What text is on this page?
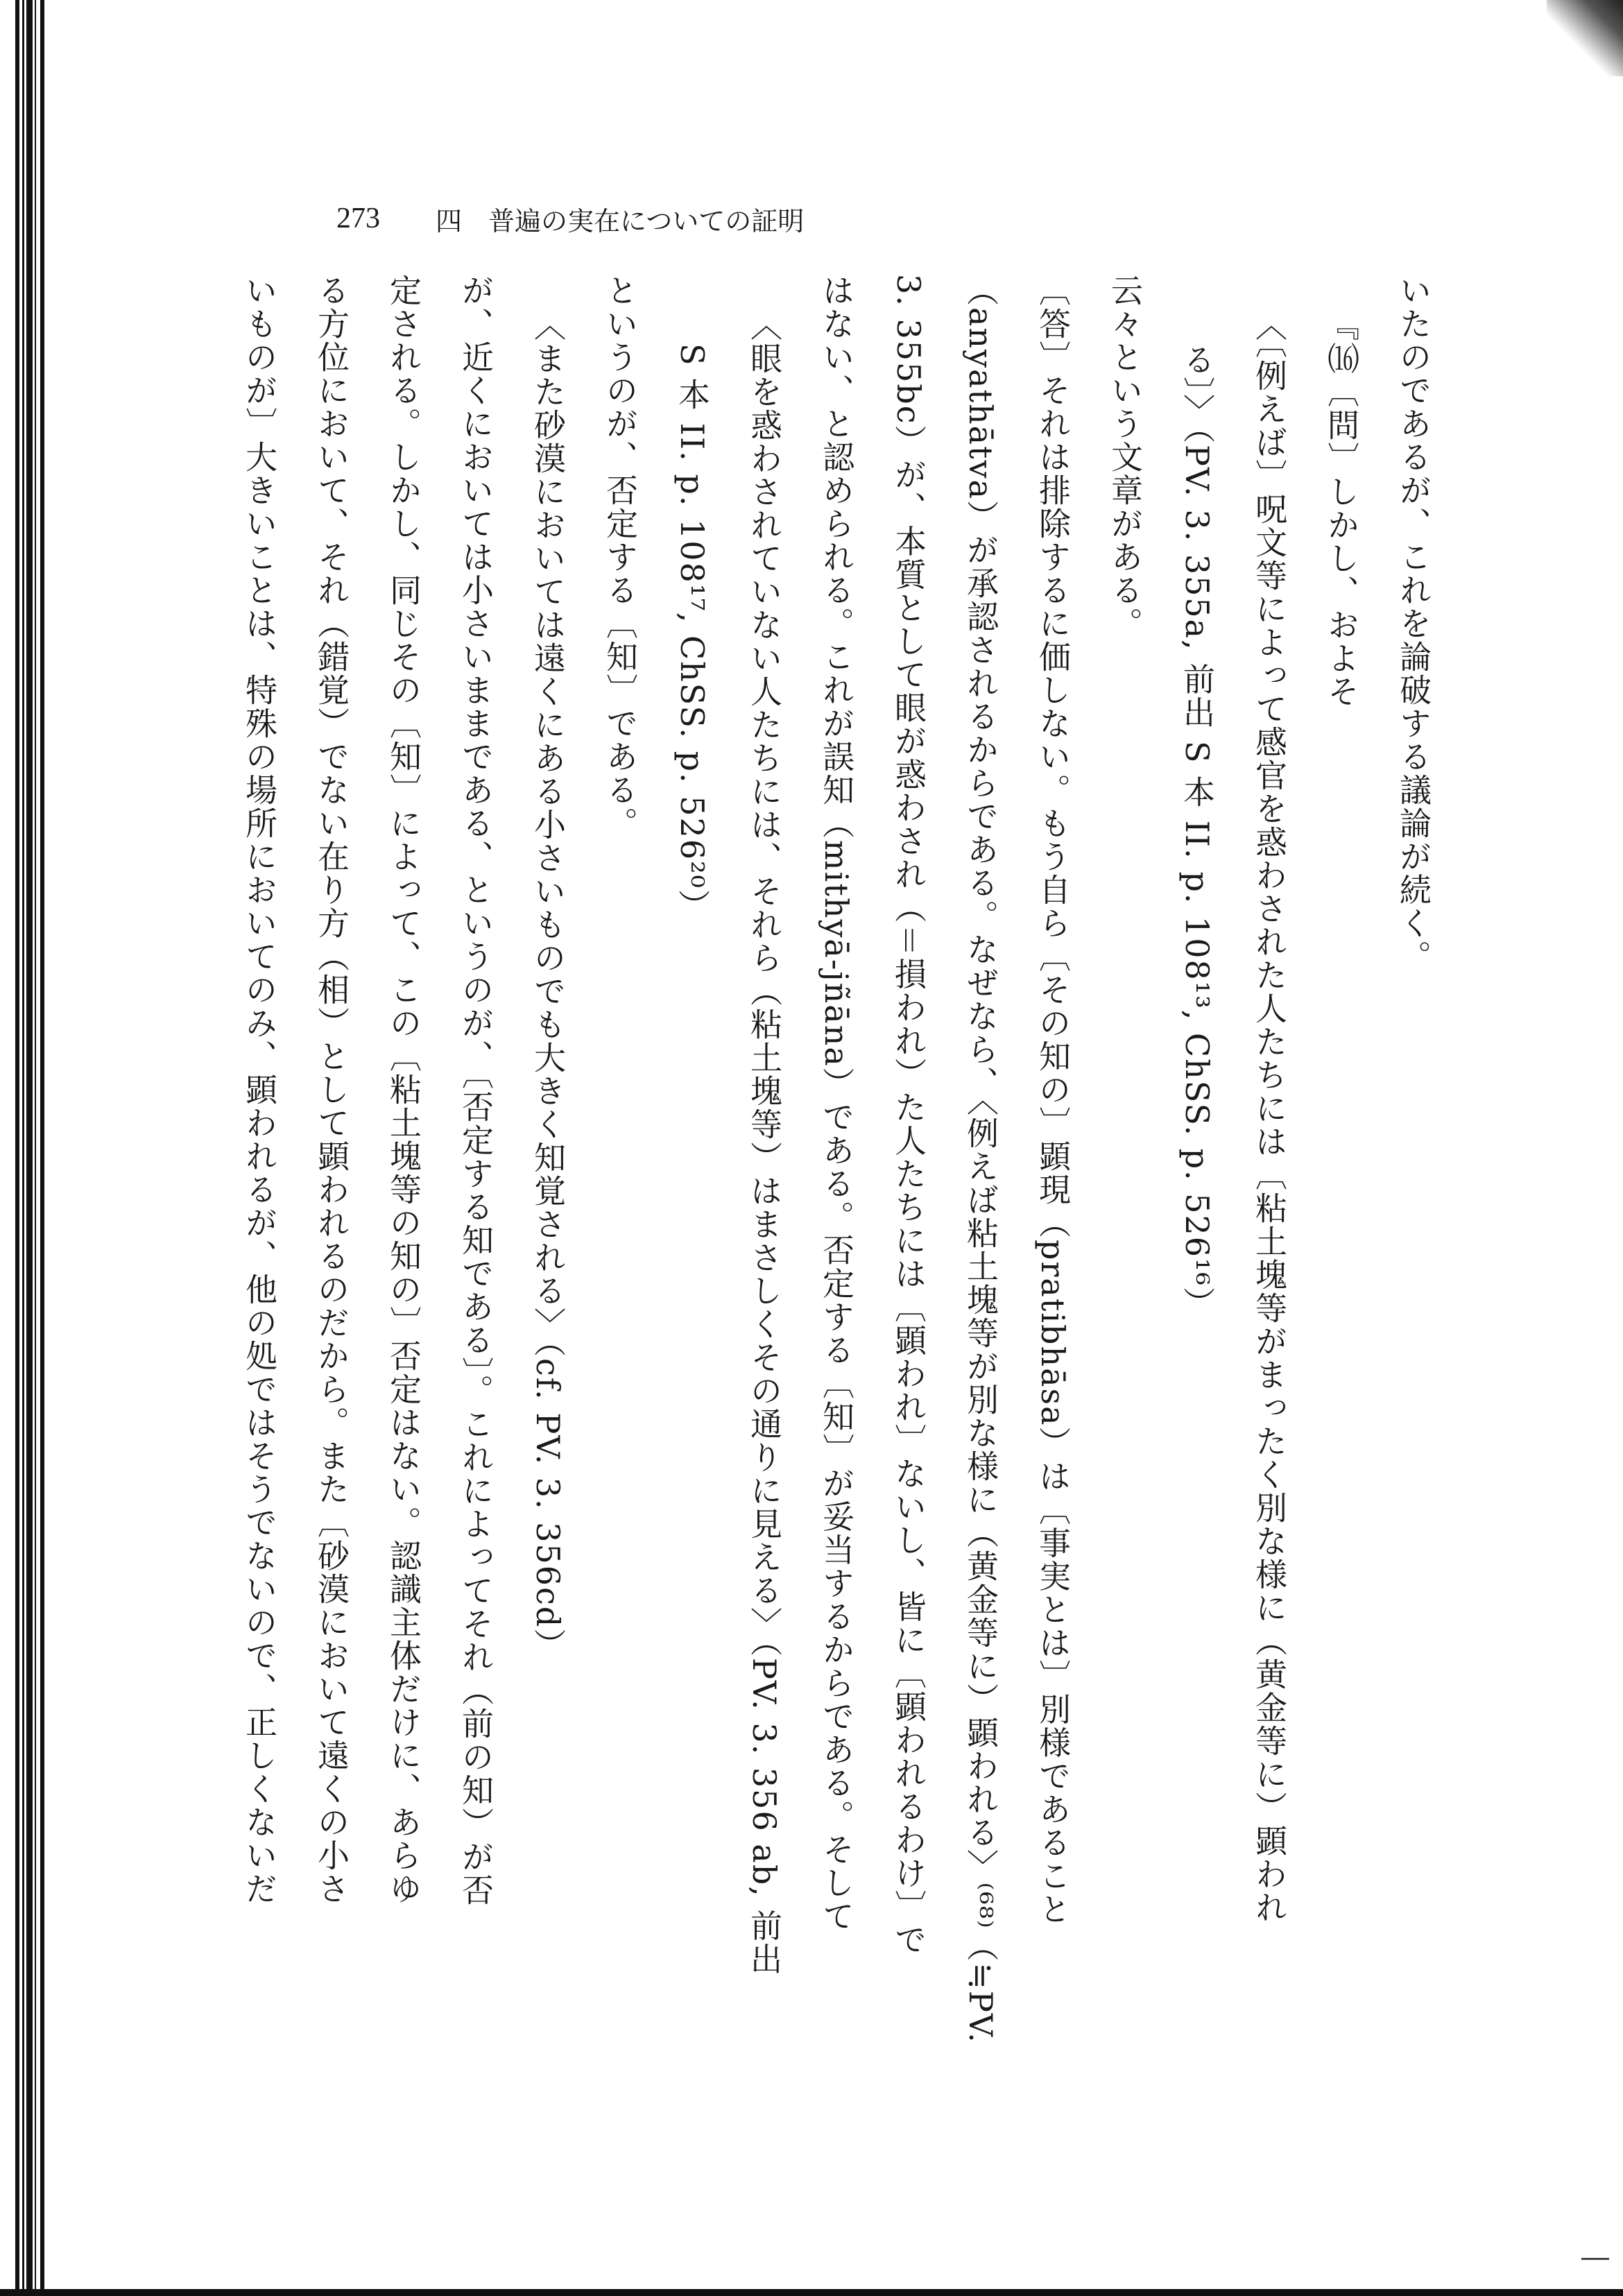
273 四 普遍の実在についての証明

いたのであるが、これを論破する議論が続く。

『⒃〔問〕しかし、およそ

〈〔例えば〕呪文等によって感官を惑わされた人たちには〔粘土塊等がまったく別な様に（黄金等に）顕われ

る〕〉（PV. 3. 355a, 前出 S 本 II. p. 108¹³, ChSS. p. 526¹⁶）

云々という文章がある。

〔答〕それは排除するに価しない。もう自ら〔その知の〕顕現（pratibhāsa）は〔事実とは〕別様であること

（anyathātva）が承認されるからである。なぜなら、〈例えば粘土塊等が別な様に（黄金等に）顕われる〉⁽⁶⁸⁾（≒PV.

3. 355bc）が、本質として眼が惑わされ（＝損われ）た人たちには〔顕われ〕ないし、皆に〔顕われるわけ〕で

はない、と認められる。これが誤知（mithyā-jñāna）である。否定する〔知〕が妥当するからである。そして

〈眼を惑わされていない人たちには、それら（粘土塊等）はまさしくその通りに見える〉（PV. 3. 356 ab, 前出

S 本 II. p. 108¹⁷, ChSS. p. 526²⁰）

というのが、否定する〔知〕である。

〈また砂漠においては遠くにある小さいものでも大きく知覚される〉（cf. PV. 3. 356cd）

が、近くにおいては小さいままである、というのが、〔否定する知である〕。これによってそれ（前の知）が否

定される。しかし、同じその〔知〕によって、この〔粘土塊等の知の〕否定はない。認識主体だけに、あらゆ

る方位において、それ（錯覚）でない在り方（相）として顕われるのだから。また〔砂漠において遠くの小さ

いものが〕大きいことは、特殊の場所においてのみ、顕われるが、他の処ではそうでないので、正しくないだ
